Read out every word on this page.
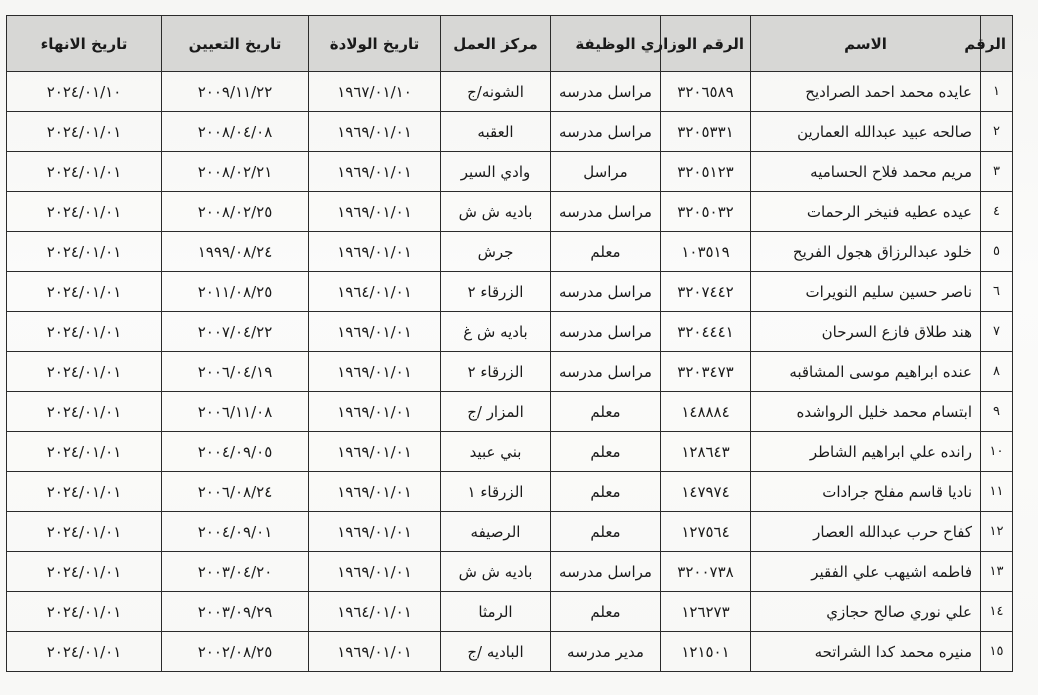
الرقم	الاسم	الرقم الوزاري	الوظيفة	مركز العمل	تاريخ الولادة	تاريخ التعيين	تاريخ الانهاء
١	عايده محمد احمد الصراديح	٣٢٠٦٥٨٩	مراسل مدرسه	الشونه/ج	١٩٦٧/٠١/١٠	٢٠٠٩/١١/٢٢	٢٠٢٤/٠١/١٠
٢	صالحه عبيد عبدالله العمارين	٣٢٠٥٣٣١	مراسل مدرسه	العقبه	١٩٦٩/٠١/٠١	٢٠٠٨/٠٤/٠٨	٢٠٢٤/٠١/٠١
٣	مريم محمد فلاح الحساميه	٣٢٠٥١٢٣	مراسل	وادي السير	١٩٦٩/٠١/٠١	٢٠٠٨/٠٢/٢١	٢٠٢٤/٠١/٠١
٤	عيده عطيه فنيخر الرحمات	٣٢٠٥٠٣٢	مراسل مدرسه	باديه ش ش	١٩٦٩/٠١/٠١	٢٠٠٨/٠٢/٢٥	٢٠٢٤/٠١/٠١
٥	خلود عبدالرزاق هجول الفريح	١٠٣٥١٩	معلم	جرش	١٩٦٩/٠١/٠١	١٩٩٩/٠٨/٢٤	٢٠٢٤/٠١/٠١
٦	ناصر حسين سليم النويرات	٣٢٠٧٤٤٢	مراسل مدرسه	الزرقاء ٢	١٩٦٤/٠١/٠١	٢٠١١/٠٨/٢٥	٢٠٢٤/٠١/٠١
٧	هند طلاق فازع السرحان	٣٢٠٤٤٤١	مراسل مدرسه	باديه ش غ	١٩٦٩/٠١/٠١	٢٠٠٧/٠٤/٢٢	٢٠٢٤/٠١/٠١
٨	عنده ابراهيم موسى المشاقبه	٣٢٠٣٤٧٣	مراسل مدرسه	الزرقاء ٢	١٩٦٩/٠١/٠١	٢٠٠٦/٠٤/١٩	٢٠٢٤/٠١/٠١
٩	ابتسام محمد خليل الرواشده	١٤٨٨٨٤	معلم	المزار /ج	١٩٦٩/٠١/٠١	٢٠٠٦/١١/٠٨	٢٠٢٤/٠١/٠١
١٠	رانده علي ابراهيم الشاطر	١٢٨٦٤٣	معلم	بني عبيد	١٩٦٩/٠١/٠١	٢٠٠٤/٠٩/٠٥	٢٠٢٤/٠١/٠١
١١	ناديا قاسم مفلح جرادات	١٤٧٩٧٤	معلم	الزرقاء ١	١٩٦٩/٠١/٠١	٢٠٠٦/٠٨/٢٤	٢٠٢٤/٠١/٠١
١٢	كفاح حرب عبدالله العصار	١٢٧٥٦٤	معلم	الرصيفه	١٩٦٩/٠١/٠١	٢٠٠٤/٠٩/٠١	٢٠٢٤/٠١/٠١
١٣	فاطمه اشيهب علي الفقير	٣٢٠٠٧٣٨	مراسل مدرسه	باديه ش ش	١٩٦٩/٠١/٠١	٢٠٠٣/٠٤/٢٠	٢٠٢٤/٠١/٠١
١٤	علي نوري صالح حجازي	١٢٦٢٧٣	معلم	الرمثا	١٩٦٤/٠١/٠١	٢٠٠٣/٠٩/٢٩	٢٠٢٤/٠١/٠١
١٥	منيره محمد كدا الشراتحه	١٢١٥٠١	مدير مدرسه	الباديه /ج	١٩٦٩/٠١/٠١	٢٠٠٢/٠٨/٢٥	٢٠٢٤/٠١/٠١
